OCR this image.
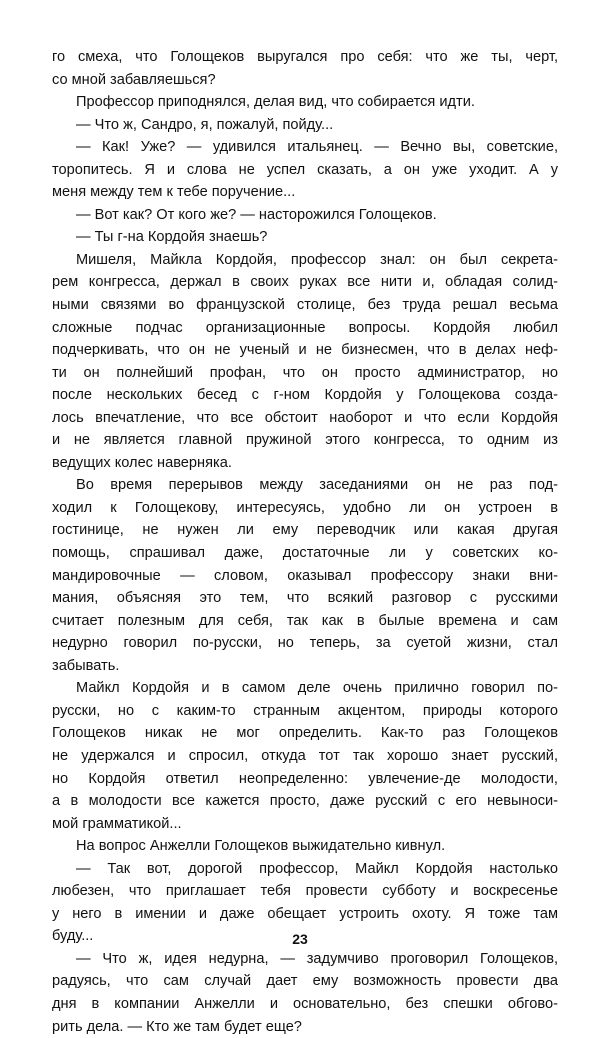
го смеха, что Голощеков выругался про себя: что же ты, черт,
со мной забавляешься?
Профессор приподнялся, делая вид, что собирается идти.
— Что ж, Сандро, я, пожалуй, пойду...
— Как! Уже? — удивился итальянец. — Вечно вы, советские,
торопитесь. Я и слова не успел сказать, а он уже уходит. А у
меня между тем к тебе поручение...
— Вот как? От кого же? — насторожился Голощеков.
— Ты г-на Кордойя знаешь?
Мишеля, Майкла Кордойя, профессор знал: он был секрета-
рем конгресса, держал в своих руках все нити и, обладая солид-
ными связями во французской столице, без труда решал весьма
сложные подчас организационные вопросы. Кордойя любил
подчеркивать, что он не ученый и не бизнесмен, что в делах неф-
ти он полнейший профан, что он просто администратор, но
после нескольких бесед с г-ном Кордойя у Голощекова созда-
лось впечатление, что все обстоит наоборот и что если Кордойя
и не является главной пружиной этого конгресса, то одним из
ведущих колес наверняка.
Во время перерывов между заседаниями он не раз под-
ходил к Голощекову, интересуясь, удобно ли он устроен в
гостинице, не нужен ли ему переводчик или какая другая
помощь, спрашивал даже, достаточные ли у советских ко-
мандировочные — словом, оказывал профессору знаки вни-
мания, объясняя это тем, что всякий разговор с русскими
считает полезным для себя, так как в былые времена и сам
недурно говорил по-русски, но теперь, за суетой жизни, стал
забывать.
Майкл Кордойя и в самом деле очень прилично говорил по-
русски, но с каким-то странным акцентом, природы которого
Голощеков никак не мог определить. Как-то раз Голощеков
не удержался и спросил, откуда тот так хорошо знает русский,
но Кордойя ответил неопределенно: увлечение-де молодости,
а в молодости все кажется просто, даже русский с его невыноси-
мой грамматикой...
На вопрос Анжелли Голощеков выжидательно кивнул.
— Так вот, дорогой профессор, Майкл Кордойя настолько
любезен, что приглашает тебя провести субботу и воскресенье
у него в имении и даже обещает устроить охоту. Я тоже там
буду...
— Что ж, идея недурна, — задумчиво проговорил Голощеков,
радуясь, что сам случай дает ему возможность провести два
дня в компании Анжелли и основательно, без спешки обгово-
рить дела. — Кто же там будет еще?
23
